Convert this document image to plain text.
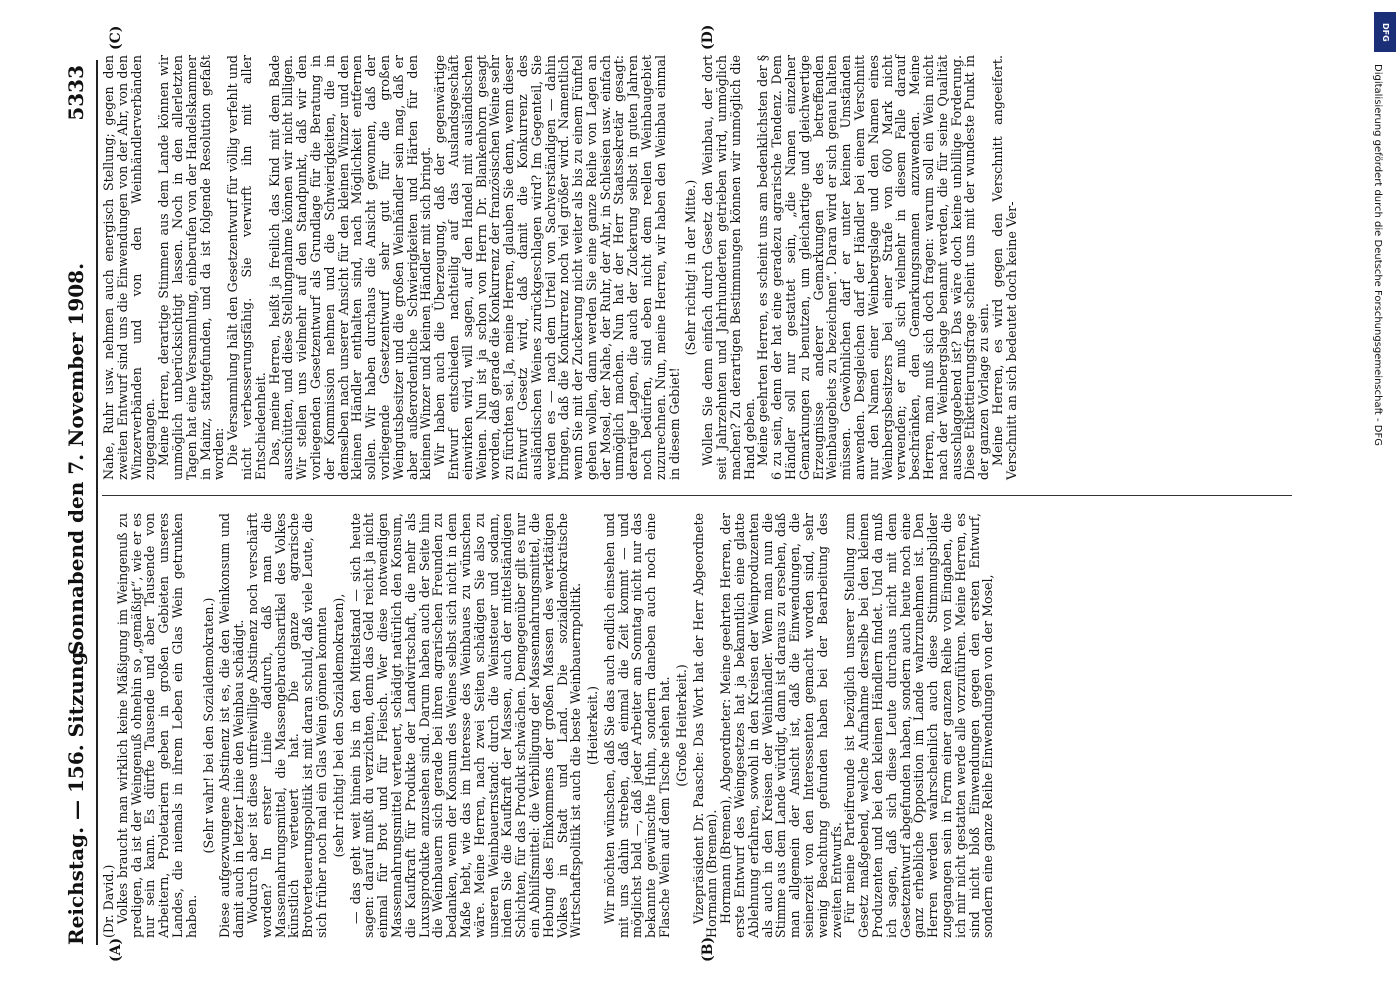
Reichstag. — 156. Sitzung.
Sonnabend den 7. November 1908.
5333
(A)	(B)
(C)	(D)

(Dr. David.)

Volkes braucht man wirklich keine Mäßigung im Weingenuß zu predigen, da ist der Weingenuß ohnehin so „gemäßigt“, wie er es nur sein kann. Es dürfte Tausende und aber Tausende von Arbeitern, Proletariern geben in großen Gebieten unseres Landes, die niemals in ihrem Leben ein Glas Wein getrunken haben.

(Sehr wahr! bei den Sozialdemokraten.) Diese aufgezwungene Abstinenz ist es, die den Weinkonsum und damit auch in letzter Linie den Weinbau schädigt.

Wodurch aber ist diese unfreiwillige Abstinenz noch verschärft worden? In erster Linie dadurch, daß man die Massennahrungsmittel, die Massengebrauchsartikel des Volkes künstlich verteuert hat. Die ganze agrarische Brotverteuerungspolitik ist mit daran schuld, daß viele Leute, die sich früher noch mal ein Glas Wein gönnen konnten (sehr richtig! bei den Sozialdemokraten), — das geht weit hinein bis in den Mittelstand — sich heute sagen: darauf mußt du verzichten, denn das Geld reicht ja nicht einmal für Brot und für Fleisch. Wer diese notwendigen Massennahrungsmittel verteuert, schädigt natürlich den Konsum, die Kaufkraft für Produkte der Landwirtschaft, die mehr als Luxusprodukte anzusehen sind. Darum haben auch der Seite hin die Weinbauern sich gerade bei ihren agrarischen Freunden zu bedanken, wenn der Konsum des Weines selbst sich nicht in dem Maße hebt, wie das im Interesse des Weinbaues zu wünschen wäre. Meine Herren, nach zwei Seiten schädigen Sie also zu unseren Weinbauernstand: durch die Weinsteuer und sodann, indem Sie die Kaufkraft der Massen, auch der mittelständigen Schichten, für das Produkt schwächen. Demgegenüber gilt es nur ein Abhilfsmittel: die Verbilligung der Massennahrungsmittel, die Hebung des Einkommens der großen Massen des werktätigen Volkes in Stadt und Land. Die sozialdemokratische Wirtschaftspolitik ist auch die beste Weinbauernpolitik. (Heiterkeit.) Wir möchten wünschen, daß Sie das auch endlich einsehen und mit uns dahin streben, daß einmal die Zeit kommt — und möglichst bald —, daß jeder Arbeiter am Sonntag nicht nur das bekannte gewünschte Huhn, sondern daneben auch noch eine Flasche Wein auf dem Tische stehen hat. (Große Heiterkeit.) Vizepräsident Dr. Paasche: Das Wort hat der Herr Abgeordnete Hormann (Bremen).

Hormann (Bremen), Abgeordneter: Meine geehrten Herren, der erste Entwurf des Weingesetzes hat ja bekanntlich eine glatte Ablehnung erfahren, sowohl in den Kreisen der Weinproduzenten als auch in den Kreisen der Weinhändler. Wenn man nun die Stimme aus dem Lande würdigt, dann ist daraus zu ersehen, daß man allgemein der Ansicht ist, daß die Einwendungen, die seinerzeit von den Interessenten gemacht worden sind, sehr wenig Beachtung gefunden haben bei der Bearbeitung des zweiten Entwurfs.

Für meine Parteifreunde ist bezüglich unserer Stellung zum Gesetz maßgebend, welche Aufnahme derselbe bei den kleinen Produzenten und bei den kleinen Händlern findet. Und da muß ich sagen, daß sich diese Leute durchaus nicht mit dem Gesetzentwurf abgefunden haben, sondern auch heute noch eine ganz erhebliche Opposition im Lande wahrzunehmen ist. Den Herren werden wahrscheinlich auch diese Stimmungsbilder zugegangen sein in Form einer ganzen Reihe von Eingaben, die ich mir nicht gestatten werde alle vorzuführen. Meine Herren, es sind nicht bloß Einwendungen gegen den ersten Entwurf, sondern eine ganze Reihe Einwendungen von der Mosel,

Nahe, Ruhr usw. nehmen auch energisch Stellung; gegen den zweiten Entwurf sind uns die Einwendungen von der Ahr, von den Winzerverbänden und von den Weinhändlerverbänden zugegangen.

Meine Herren, derartige Stimmen aus dem Lande können wir unmöglich unberücksichtigt lassen. Noch in den allerletzten Tagen hat eine Versammlung, einberufen von der Handelskammer in Mainz, stattgefunden, und da ist folgende Resolution gefaßt worden:

Die Versammlung hält den Gesetzentwurf für völlig verfehlt und nicht verbesserungsfähig. Sie verwirft ihn mit aller Entschiedenheit.

Das, meine Herren, heißt ja freilich das Kind mit dem Bade ausschütten, und diese Stellungnahme können wir nicht billigen. Wir stellen uns vielmehr auf den Standpunkt, daß wir den vorliegenden Gesetzentwurf als Grundlage für die Beratung in der Kommission nehmen und die Schwierigkeiten, die in demselben nach unserer Ansicht für den kleinen Winzer und den kleinen Händler enthalten sind, nach Möglichkeit entfernen sollen. Wir haben durchaus die Ansicht gewonnen, daß der vorliegende Gesetzentwurf sehr gut für die großen Weingutsbesitzer und die großen Weinhändler sein mag, daß er aber außerordentliche Schwierigkeiten und Härten für den kleinen Winzer und kleinen Händler mit sich bringt.

Wir haben auch die Überzeugung, daß der gegenwärtige Entwurf entschieden nachteilig auf das Auslandsgeschäft einwirken wird, will sagen, auf den Handel mit ausländischen Weinen. Nun ist ja schon von Herrn Dr. Blankenhorn gesagt worden, daß gerade die Konkurrenz der französischen Weine sehr zu fürchten sei. Ja, meine Herren, glauben Sie denn, wenn dieser Entwurf Gesetz wird, daß damit die Konkurrenz des ausländischen Weines zurückgeschlagen wird? Im Gegenteil, Sie werden es — nach dem Urteil von Sachverständigen — dahin bringen, daß die Konkurrenz noch viel größer wird. Namentlich wenn Sie mit der Zuckerung nicht weiter als bis zu einem Fünftel gehen wollen, dann werden Sie eine ganze Reihe von Lagen an der Mosel, der Nahe, der Ruhr, der Ahr, in Schlesien usw. einfach unmöglich machen. Nun hat der Herr Staatssekretär gesagt: derartige Lagen, die auch der Zuckerung selbst in guten Jahren noch bedürfen, sind eben nicht dem reellen Weinbaugebiet zuzurechnen. Nun, meine Herren, wir haben den Weinbau einmal in diesem Gebiet!

(Sehr richtig! in der Mitte.) Wollen Sie denn einfach durch Gesetz den Weinbau, der dort seit Jahrzehnten und Jahrhunderten getrieben wird, unmöglich machen? Zu derartigen Bestimmungen können wir unmöglich die Hand geben.

Meine geehrten Herren, es scheint uns am bedenklichsten der § 6 zu sein, denn der hat eine geradezu agrarische Tendenz. Dem Händler soll nur gestattet sein, „die Namen einzelner Gemarkungen zu benutzen, um gleichartige und gleichwertige Erzeugnisse anderer Gemarkungen des betreffenden Weinbaugebiets zu bezeichnen“. Daran wird er sich genau halten müssen. Gewöhnlichen darf er unter keinen Umständen anwenden. Desgleichen darf der Händler bei einem Verschnitt nur den Namen einer Weinbergslage und den Namen eines Weinbergsbesitzers bei einer Strafe von 600 Mark nicht verwenden; er muß sich vielmehr in diesem Falle darauf beschränken, den Gemarkungsnamen anzuwenden. Meine Herren, man muß sich doch fragen: warum soll ein Wein nicht nach der Weinbergslage benannt werden, die für seine Qualität ausschlaggebend ist? Das wäre doch keine unbillige Forderung. Diese Etikettierungsfrage scheint uns mit der wundeste Punkt in der ganzen Vorlage zu sein.

Meine Herren, es wird gegen den Verschnitt angeeifert. Verschnitt an sich bedeutet doch keine Ver-

DFG
Digitalisierung gefördert durch die Deutsche Forschungsgemeinschaft - DFG
